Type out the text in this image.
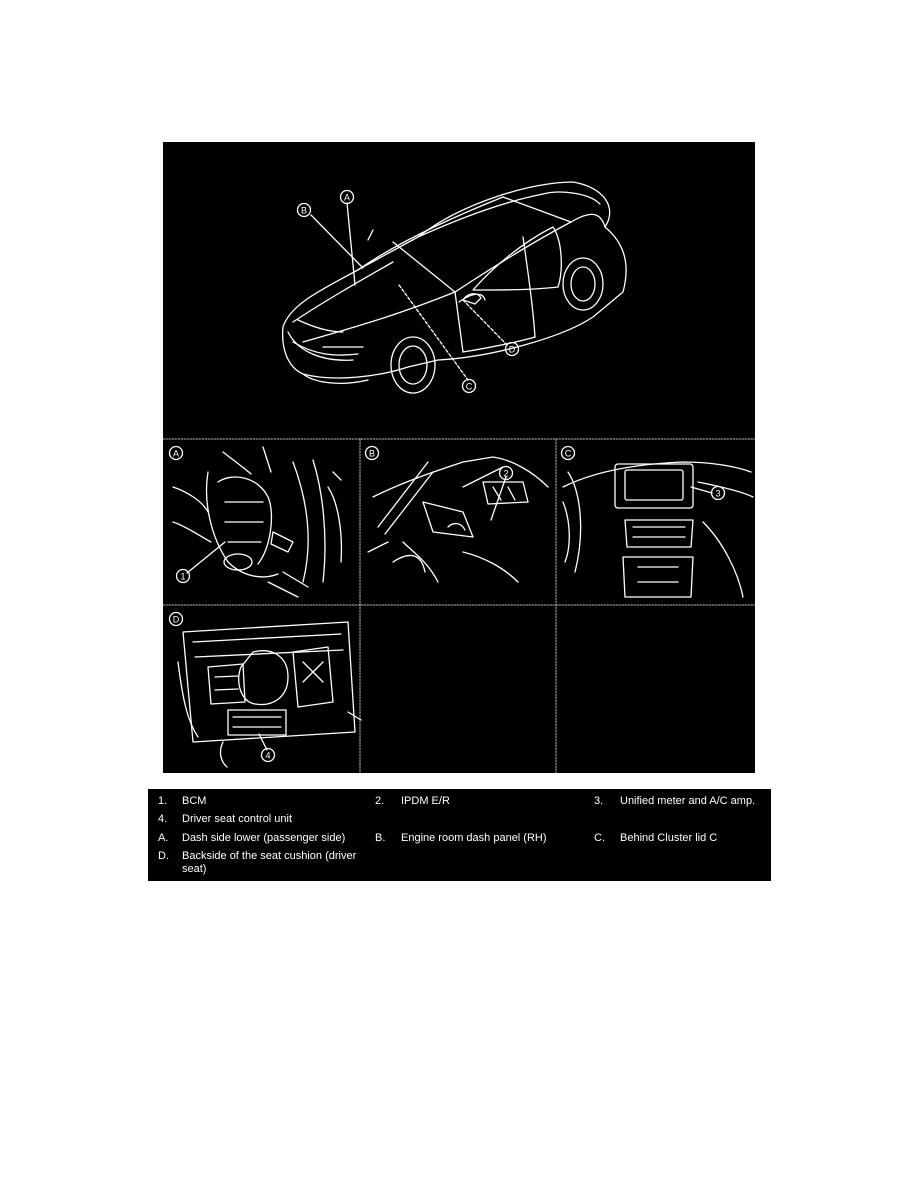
A
B
C
D
A
1
B
2
C
3
D
4
1. BCM	2. IPDM E/R	3. Unified meter and A/C amp.
4. Driver seat control unit
A. Dash side lower (passenger side)	B. Engine room dash panel (RH)	C. Behind Cluster lid C
D. Backside of the seat cushion (driver seat)
